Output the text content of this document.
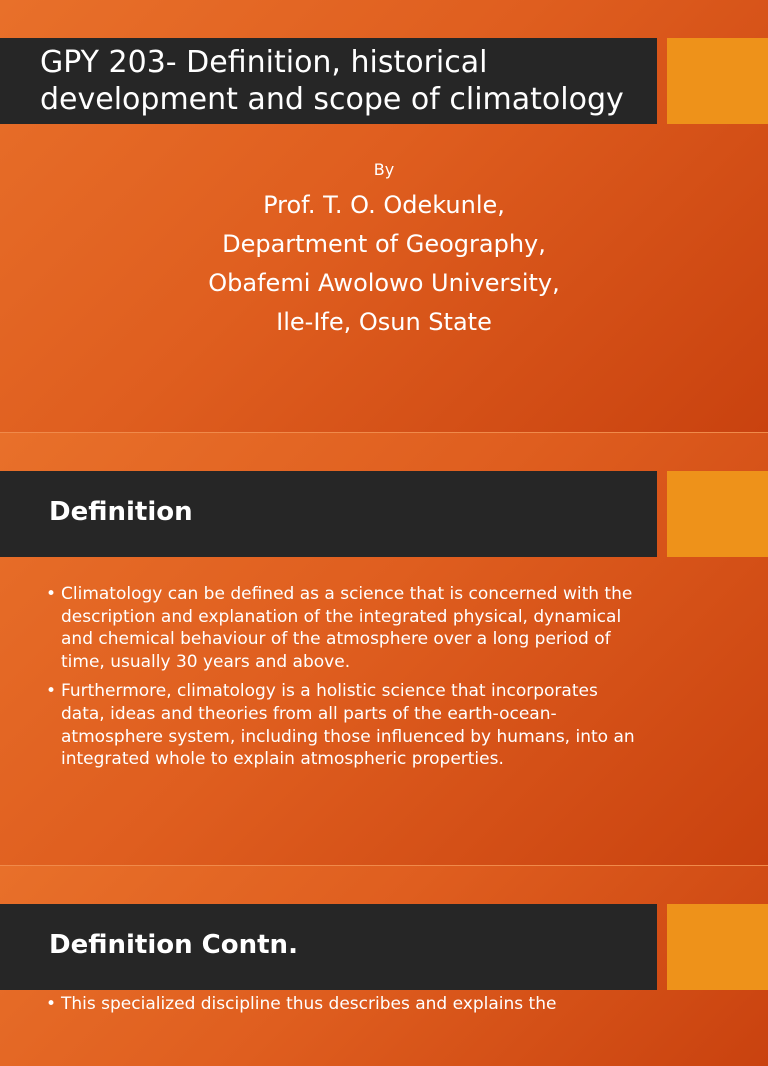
GPY 203- Definition, historical
development and scope of climatology
By
Prof. T. O. Odekunle,
Department of Geography,
Obafemi Awolowo University,
Ile-Ife, Osun State
Definition
• Climatology can be defined as a science that is concerned with the description and explanation of the integrated physical, dynamical and chemical behaviour of the atmosphere over a long period of time, usually 30 years and above.
• Furthermore, climatology is a holistic science that incorporates data, ideas and theories from all parts of the earth-ocean-atmosphere system, including those influenced by humans, into an integrated whole to explain atmospheric properties.
Definition Contn.
• This specialized discipline thus describes and explains the
